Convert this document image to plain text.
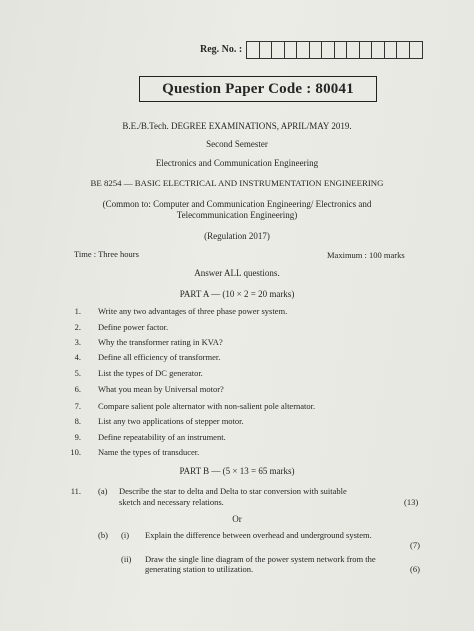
Reg. No. :
Question Paper Code : 80041
B.E./B.Tech. DEGREE EXAMINATIONS, APRIL/MAY 2019.
Second Semester
Electronics and Communication Engineering
BE 8254 — BASIC ELECTRICAL AND INSTRUMENTATION ENGINEERING
(Common to: Computer and Communication Engineering/ Electronics and
Telecommunication Engineering)
(Regulation 2017)
Time : Three hours	Maximum : 100 marks
Answer ALL questions.
PART A — (10 × 2 = 20 marks)
1. Write any two advantages of three phase power system.
2. Define power factor.
3. Why the transformer rating in KVA?
4. Define all efficiency of transformer.
5. List the types of DC generator.
6. What you mean by Universal motor?
7. Compare salient pole alternator with non-salient pole alternator.
8. List any two applications of stepper motor.
9. Define repeatability of an instrument.
10. Name the types of transducer.
PART B — (5 × 13 = 65 marks)
11. (a) Describe the star to delta and Delta to star conversion with suitable
sketch and necessary relations.	(13)
Or
(b) (i) Explain the difference between overhead and underground system.
(7)
(ii) Draw the single line diagram of the power system network from the
generating station to utilization.	(6)
